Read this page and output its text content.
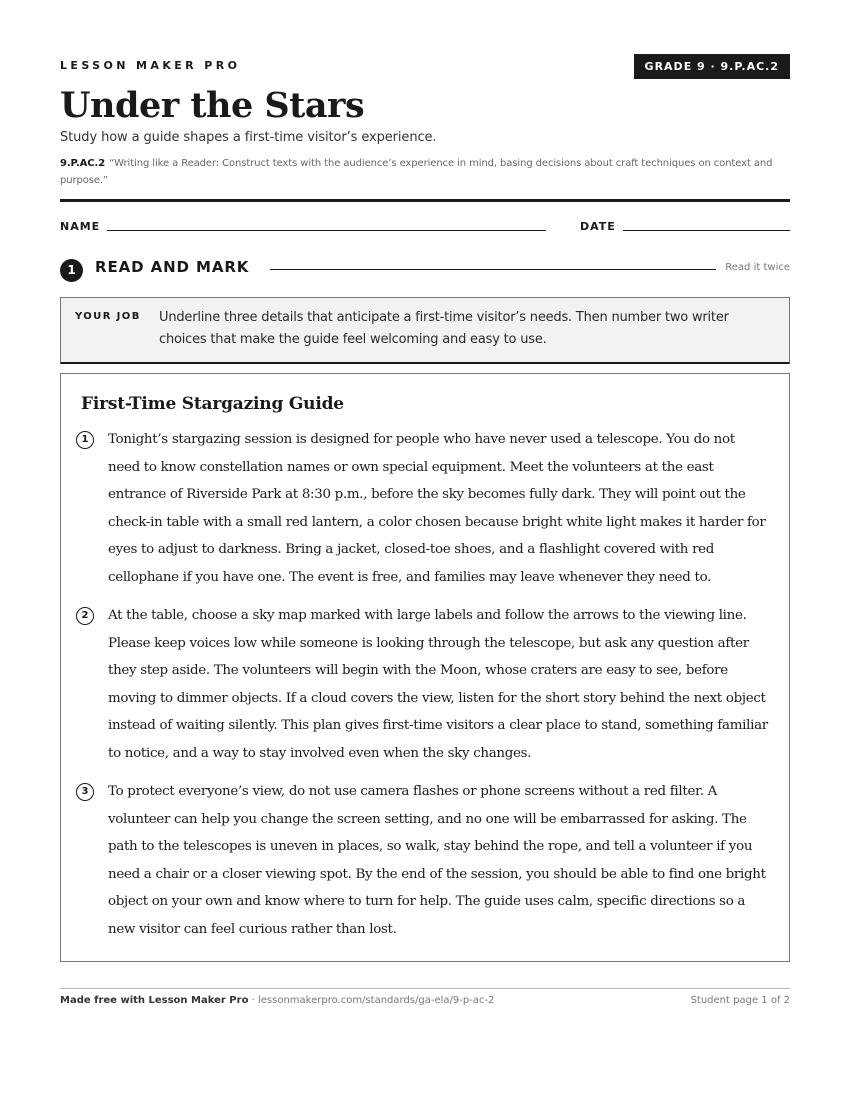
LESSON MAKER PRO	GRADE 9 · 9.P.AC.2
Under the Stars
Study how a guide shapes a first-time visitor’s experience.
9.P.AC.2 “Writing like a Reader: Construct texts with the audience’s experience in mind, basing decisions about craft techniques on context and purpose.”
NAME	DATE
1	READ AND MARK	Read it twice
YOUR JOB Underline three details that anticipate a first-time visitor’s needs. Then number two writer choices that make the guide feel welcoming and easy to use.
First-Time Stargazing Guide
1	Tonight’s stargazing session is designed for people who have never used a telescope. You do not need to know constellation names or own special equipment. Meet the volunteers at the east entrance of Riverside Park at 8:30 p.m., before the sky becomes fully dark. They will point out the check-in table with a small red lantern, a color chosen because bright white light makes it harder for eyes to adjust to darkness. Bring a jacket, closed-toe shoes, and a flashlight covered with red cellophane if you have one. The event is free, and families may leave whenever they need to.

2	At the table, choose a sky map marked with large labels and follow the arrows to the viewing line. Please keep voices low while someone is looking through the telescope, but ask any question after they step aside. The volunteers will begin with the Moon, whose craters are easy to see, before moving to dimmer objects. If a cloud covers the view, listen for the short story behind the next object instead of waiting silently. This plan gives first-time visitors a clear place to stand, something familiar to notice, and a way to stay involved even when the sky changes.

3	To protect everyone’s view, do not use camera flashes or phone screens without a red filter. A volunteer can help you change the screen setting, and no one will be embarrassed for asking. The path to the telescopes is uneven in places, so walk, stay behind the rope, and tell a volunteer if you need a chair or a closer viewing spot. By the end of the session, you should be able to find one bright object on your own and know where to turn for help. The guide uses calm, specific directions so a new visitor can feel curious rather than lost.

Made free with Lesson Maker Pro · lessonmakerpro.com/standards/ga-ela/9-p-ac-2	Student page 1 of 2
